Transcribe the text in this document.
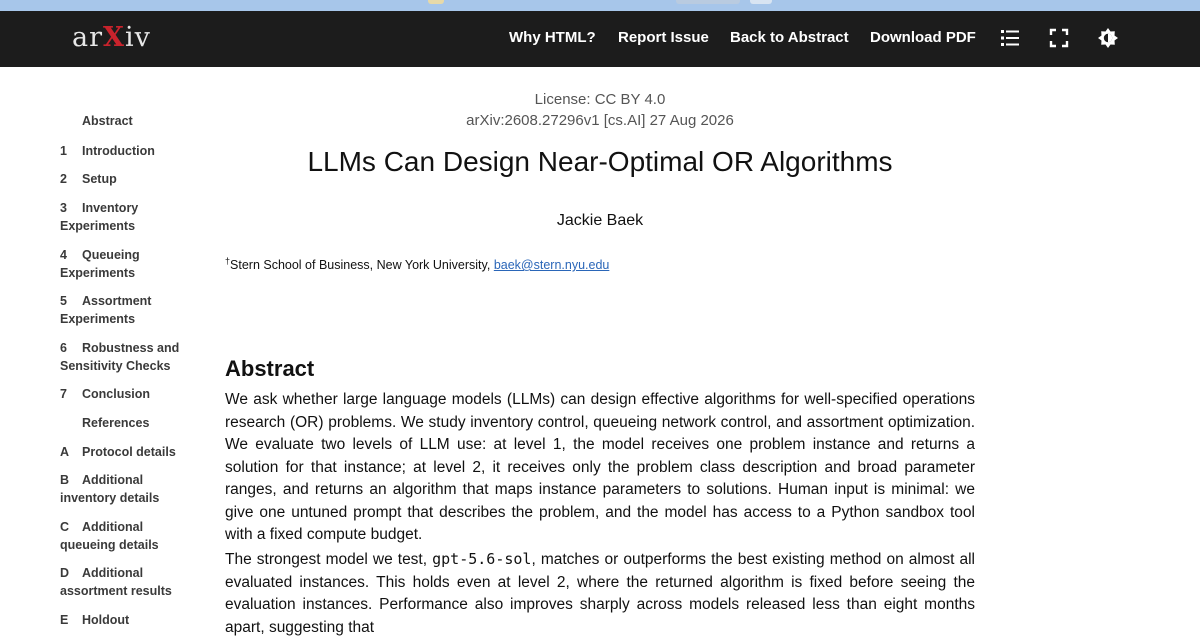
arXiv	Why HTML? Report Issue Back to Abstract Download PDF
Abstract
1 Introduction
2 Setup
3 Inventory Experiments
4 Queueing Experiments
5 Assortment Experiments
6 Robustness and Sensitivity Checks
7 Conclusion
References
A Protocol details
B Additional inventory details
C Additional queueing details
D Additional assortment results
E Holdout
License: CC BY 4.0
arXiv:2608.27296v1 [cs.AI] 27 Aug 2026
LLMs Can Design Near-Optimal OR Algorithms
Jackie Baek
†Stern School of Business, New York University, baek@stern.nyu.edu
Abstract

We ask whether large language models (LLMs) can design effective algorithms for well-specified operations research (OR) problems. We study inventory control, queueing network control, and assortment optimization. We evaluate two levels of LLM use: at level 1, the model receives one problem instance and returns a solution for that instance; at level 2, it receives only the problem class description and broad parameter ranges, and returns an algorithm that maps instance parameters to solutions. Human input is minimal: we give one untuned prompt that describes the problem, and the model has access to a Python sandbox tool with a fixed compute budget.

The strongest model we test, gpt-5.6-sol, matches or outperforms the best existing method on almost all evaluated instances. This holds even at level 2, where the returned algorithm is fixed before seeing the evaluation instances. Performance also improves sharply across models released less than eight months apart, suggesting that
